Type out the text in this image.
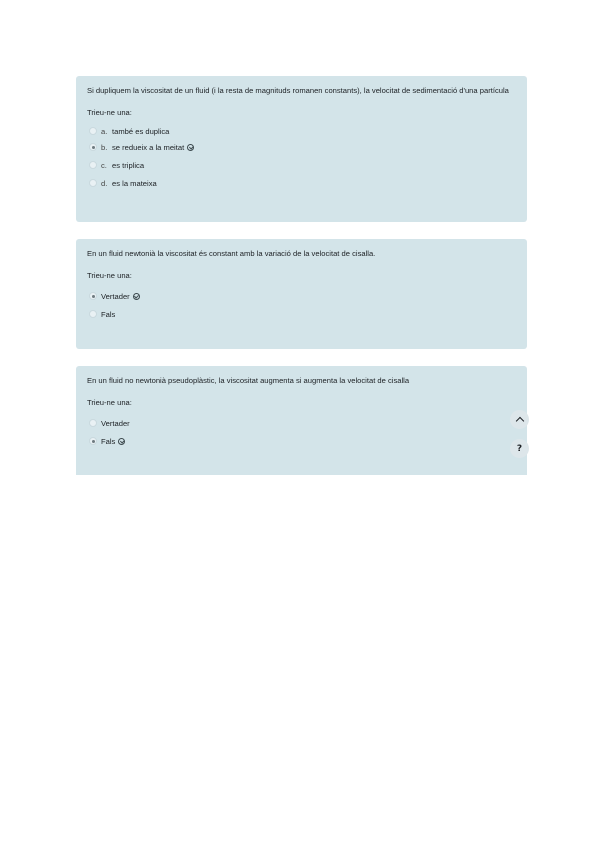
Si dupliquem la viscositat de un fluid (i la resta de magnituds romanen constants), la velocitat de sedimentació d'una partícula

Trieu-ne una:

a. també es duplica
b. se redueix a la meitat
c. es triplica
d. es la mateixa

En un fluid newtonià la viscositat és constant amb la variació de la velocitat de cisalla.

Trieu-ne una:

Vertader
Fals

En un fluid no newtonià pseudoplàstic, la viscositat augmenta si augmenta la velocitat de cisalla

Trieu-ne una:

Vertader
Fals
?
